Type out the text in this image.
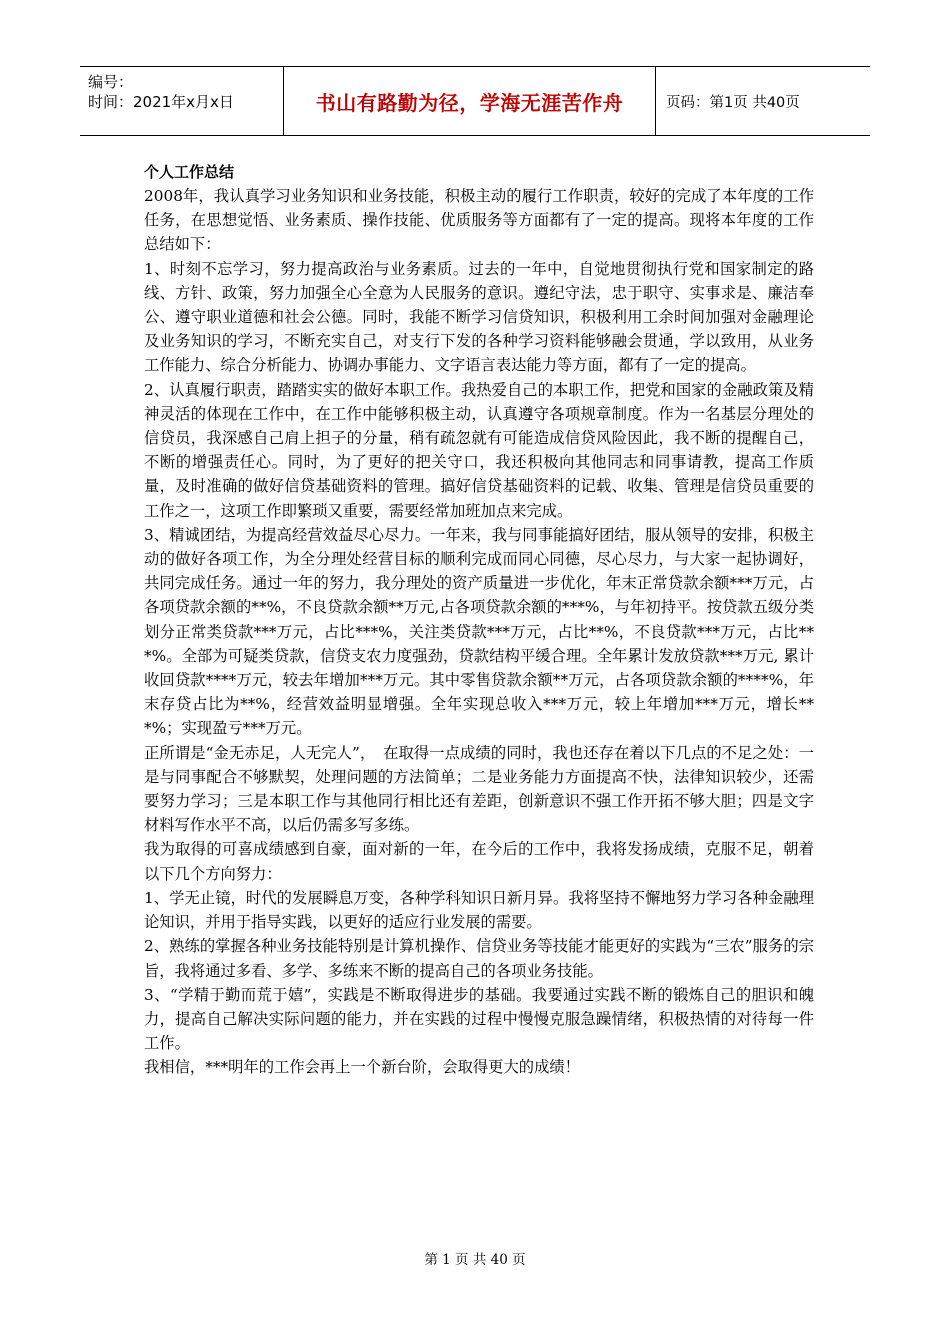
编号：
时间：2021年x月x日	书山有路勤为径，学海无涯苦作舟	页码：第1页 共40页

个人工作总结

2008年，我认真学习业务知识和业务技能，积极主动的履行工作职责，较好的完成了本年度的工作任务，在思想觉悟、业务素质、操作技能、优质服务等方面都有了一定的提高。现将本年度的工作总结如下：

1、时刻不忘学习，努力提高政治与业务素质。过去的一年中，自觉地贯彻执行党和国家制定的路线、方针、政策，努力加强全心全意为人民服务的意识。遵纪守法，忠于职守、实事求是、廉洁奉公、遵守职业道德和社会公德。同时，我能不断学习信贷知识，积极利用工余时间加强对金融理论及业务知识的学习，不断充实自己，对支行下发的各种学习资料能够融会贯通，学以致用，从业务工作能力、综合分析能力、协调办事能力、文字语言表达能力等方面，都有了一定的提高。

2、认真履行职责，踏踏实实的做好本职工作。我热爱自己的本职工作，把党和国家的金融政策及精神灵活的体现在工作中，在工作中能够积极主动，认真遵守各项规章制度。作为一名基层分理处的信贷员，我深感自己肩上担子的分量，稍有疏忽就有可能造成信贷风险因此，我不断的提醒自己，不断的增强责任心。同时，为了更好的把关守口，我还积极向其他同志和同事请教，提高工作质量，及时准确的做好信贷基础资料的管理。搞好信贷基础资料的记载、收集、管理是信贷员重要的工作之一，这项工作即繁琐又重要，需要经常加班加点来完成。

3、精诚团结，为提高经营效益尽心尽力。一年来，我与同事能搞好团结，服从领导的安排，积极主动的做好各项工作，为全分理处经营目标的顺利完成而同心同德，尽心尽力，与大家一起协调好，共同完成任务。通过一年的努力，我分理处的资产质量进一步优化，年末正常贷款余额***万元，占各项贷款余额的**%，不良贷款余额**万元,占各项贷款余额的***%，与年初持平。按贷款五级分类划分正常类贷款***万元，占比***%，关注类贷款***万元，占比**%，不良贷款***万元，占比***%。全部为可疑类贷款，信贷支农力度强劲，贷款结构平缓合理。全年累计发放贷款***万元, 累计收回贷款****万元，较去年增加***万元。其中零售贷款余额**万元，占各项贷款余额的****%，年末存贷占比为**%，经营效益明显增强。全年实现总收入***万元，较上年增加***万元，增长***%；实现盈亏***万元。

正所谓是“金无赤足，人无完人”，　在取得一点成绩的同时，我也还存在着以下几点的不足之处：一是与同事配合不够默契，处理问题的方法简单；二是业务能力方面提高不快，法律知识较少，还需要努力学习；三是本职工作与其他同行相比还有差距，创新意识不强工作开拓不够大胆；四是文字材料写作水平不高，以后仍需多写多练。

我为取得的可喜成绩感到自豪，面对新的一年，在今后的工作中，我将发扬成绩，克服不足，朝着以下几个方向努力：

1、学无止镜，时代的发展瞬息万变，各种学科知识日新月异。我将坚持不懈地努力学习各种金融理论知识，并用于指导实践，以更好的适应行业发展的需要。

2、熟练的掌握各种业务技能特别是计算机操作、信贷业务等技能才能更好的实践为“三农”服务的宗旨，我将通过多看、多学、多练来不断的提高自己的各项业务技能。

3、“学精于勤而荒于嬉”，实践是不断取得进步的基础。我要通过实践不断的锻炼自己的胆识和魄力，提高自己解决实际问题的能力，并在实践的过程中慢慢克服急躁情绪，积极热情的对待每一件工作。

我相信，***明年的工作会再上一个新台阶，会取得更大的成绩！

第 1 页 共 40 页
